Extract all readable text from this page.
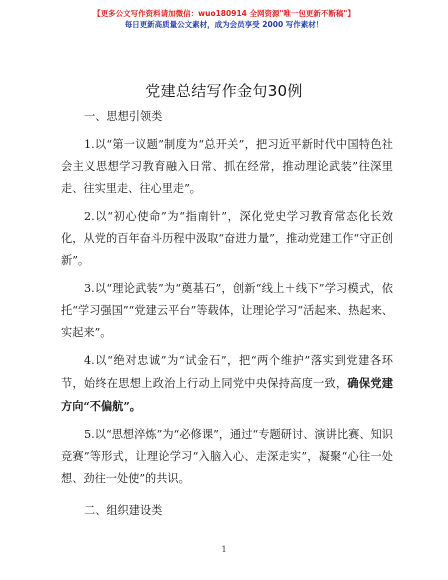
【更多公文写作资料请加微信：wuo180914 全网资源"唯一包更新不断稿"】
每日更新高质量公文素材，成为会员享受 2000 写作素材！
党建总结写作金句30例

一、思想引领类

1.以“第一议题”制度为“总开关”，把习近平新时代中国特色社会主义思想学习教育融入日常、抓在经常，推动理论武装”往深里走、往实里走、往心里走”。

2.以“初心使命”为“指南针”，深化党史学习教育常态化长效化，从党的百年奋斗历程中汲取“奋进力量”，推动党建工作“守正创新”。

3.以“理论武装”为“奠基石”，创新“线上＋线下”学习模式，依托“学习强国”“党建云平台”等载体，让理论学习“活起来、热起来、实起来”。

4.以“绝对忠诚”为“试金石”，把“两个维护”落实到党建各环节，始终在思想上政治上行动上同党中央保持高度一致，确保党建方向“不偏航”。

5.以“思想淬炼”为“必修课”，通过“专题研讨、演讲比赛、知识竞赛”等形式，让理论学习“入脑入心、走深走实”，凝聚“心往一处想、劲往一处使”的共识。

二、组织建设类

1
